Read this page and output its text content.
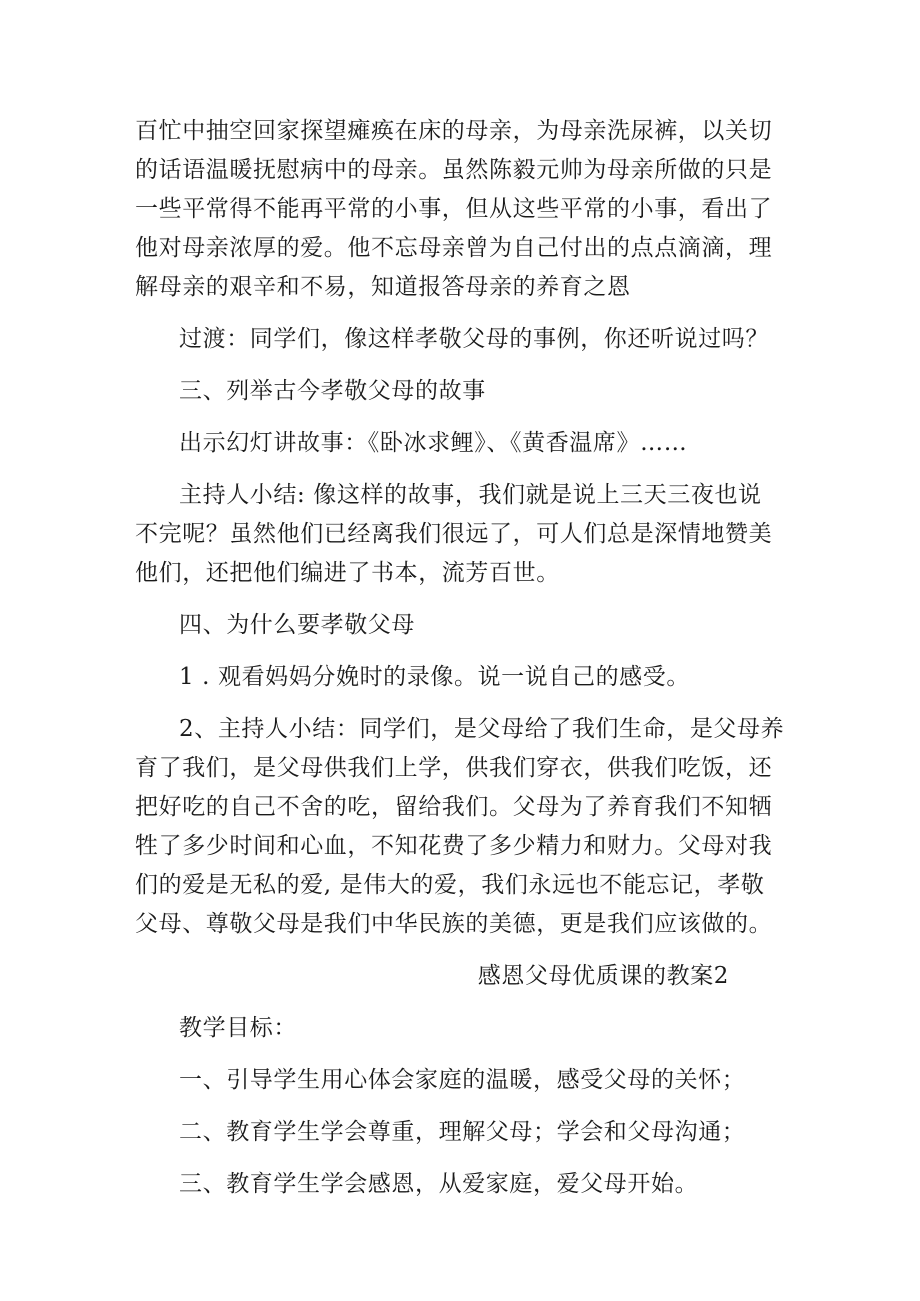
百忙中抽空回家探望瘫痪在床的母亲，为母亲洗尿裤，以关切的话语温暖抚慰病中的母亲。虽然陈毅元帅为母亲所做的只是一些平常得不能再平常的小事，但从这些平常的小事，看出了他对母亲浓厚的爱。他不忘母亲曾为自己付出的点点滴滴，理解母亲的艰辛和不易，知道报答母亲的养育之恩

过渡：同学们，像这样孝敬父母的事例，你还听说过吗？

三、列举古今孝敬父母的故事

出示幻灯讲故事：《卧冰求鲤》、《黄香温席》……

主持人小结: 像这样的故事，我们就是说上三天三夜也说不完呢？虽然他们已经离我们很远了，可人们总是深情地赞美他们，还把他们编进了书本，流芳百世。

四、为什么要孝敬父母

1 . 观看妈妈分娩时的录像。说一说自己的感受。

2、主持人小结：同学们，是父母给了我们生命，是父母养育了我们，是父母供我们上学，供我们穿衣，供我们吃饭，还把好吃的自己不舍的吃，留给我们。父母为了养育我们不知牺牲了多少时间和心血，不知花费了多少精力和财力。父母对我们的爱是无私的爱, 是伟大的爱，我们永远也不能忘记，孝敬父母、尊敬父母是我们中华民族的美德，更是我们应该做的。

感恩父母优质课的教案2

教学目标：

一、引导学生用心体会家庭的温暖，感受父母的关怀；

二、教育学生学会尊重，理解父母；学会和父母沟通；

三、教育学生学会感恩，从爱家庭，爱父母开始。
